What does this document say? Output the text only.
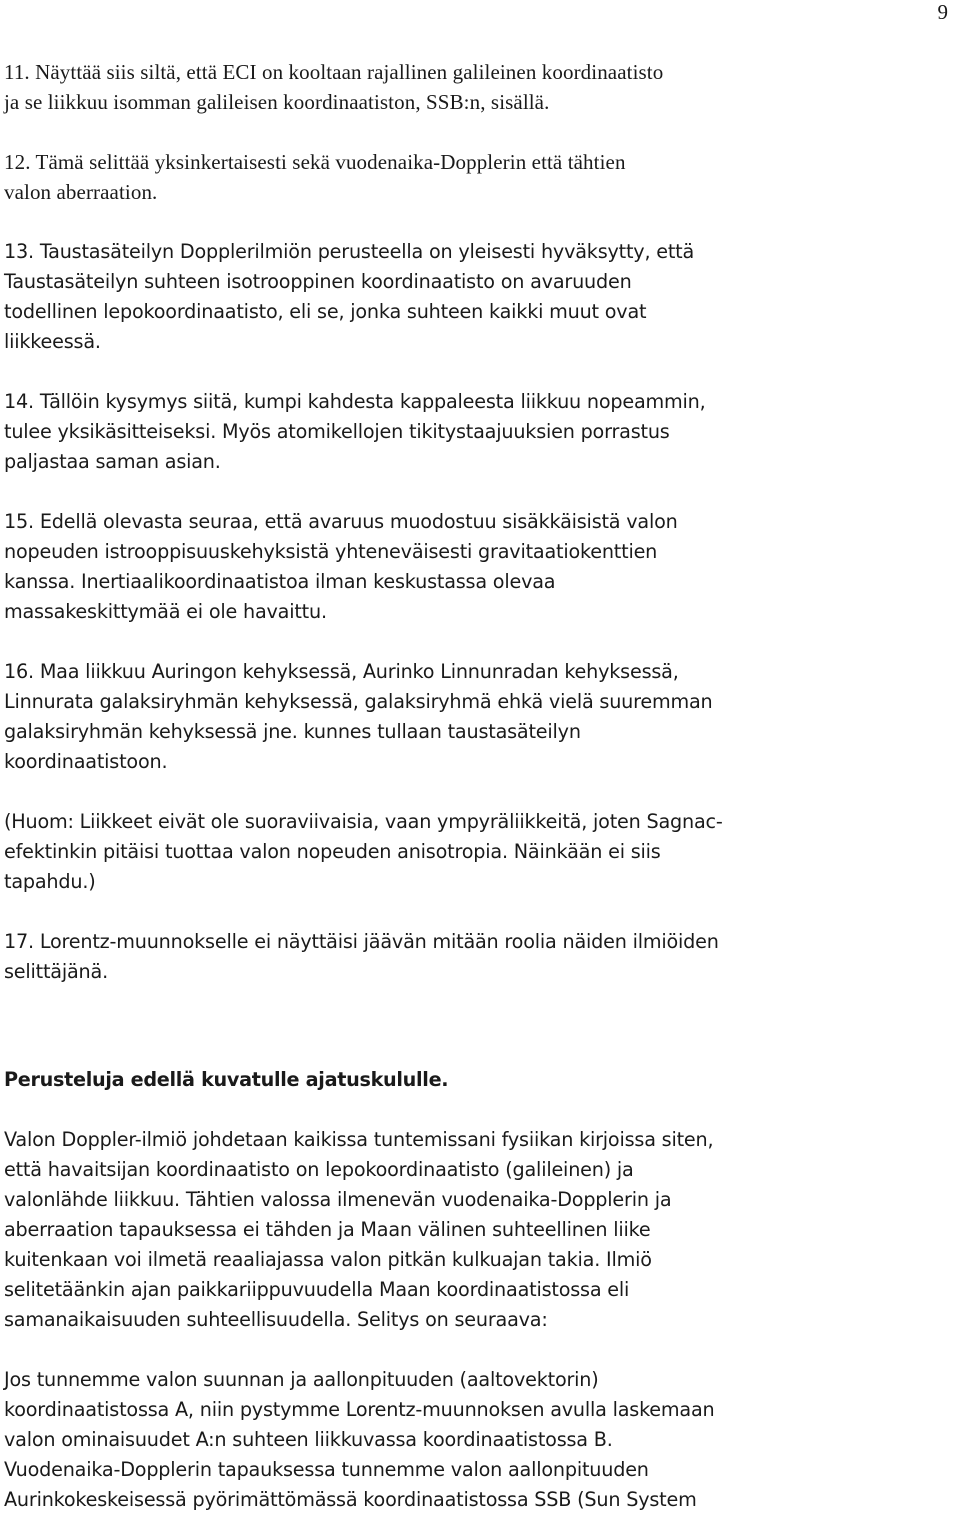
9

11. Näyttää siis siltä, että ECI on kooltaan rajallinen galileinen koordinaatisto
ja se liikkuu isomman galileisen koordinaatiston, SSB:n, sisällä.

12. Tämä selittää yksinkertaisesti sekä vuodenaika-Dopplerin että tähtien
valon aberraation.

13. Taustasäteilyn Dopplerilmiön perusteella on yleisesti hyväksytty, että
Taustasäteilyn suhteen isotrooppinen koordinaatisto on avaruuden
todellinen lepokoordinaatisto, eli se, jonka suhteen kaikki muut ovat
liikkeessä.

14. Tällöin kysymys siitä, kumpi kahdesta kappaleesta liikkuu nopeammin,
tulee yksikäsitteiseksi. Myös atomikellojen tikitystaajuuksien porrastus
paljastaa saman asian.

15. Edellä olevasta seuraa, että avaruus muodostuu sisäkkäisistä valon
nopeuden istrooppisuuskehyksistä yhteneväisesti gravitaatiokenttien
kanssa. Inertiaalikoordinaatistoa ilman keskustassa olevaa
massakeskittymää ei ole havaittu.

16. Maa liikkuu Auringon kehyksessä, Aurinko Linnunradan kehyksessä,
Linnurata galaksiryhmän kehyksessä, galaksiryhmä ehkä vielä suuremman
galaksiryhmän kehyksessä jne. kunnes tullaan taustasäteilyn
koordinaatistoon.

(Huom: Liikkeet eivät ole suoraviivaisia, vaan ympyräliikkeitä, joten Sagnac-
efektinkin pitäisi tuottaa valon nopeuden anisotropia. Näinkään ei siis
tapahdu.)

17. Lorentz-muunnokselle ei näyttäisi jäävän mitään roolia näiden ilmiöiden
selittäjänä.

Perusteluja edellä kuvatulle ajatuskululle.

Valon Doppler-ilmiö johdetaan kaikissa tuntemissani fysiikan kirjoissa siten,
että havaitsijan koordinaatisto on lepokoordinaatisto (galileinen) ja
valonlähde liikkuu. Tähtien valossa ilmenevän vuodenaika-Dopplerin ja
aberraation tapauksessa ei tähden ja Maan välinen suhteellinen liike
kuitenkaan voi ilmetä reaaliajassa valon pitkän kulkuajan takia. Ilmiö
selitetäänkin ajan paikkariippuvuudella Maan koordinaatistossa eli
samanaikaisuuden suhteellisuudella. Selitys on seuraava:

Jos tunnemme valon suunnan ja aallonpituuden (aaltovektorin)
koordinaatistossa A, niin pystymme Lorentz-muunnoksen avulla laskemaan
valon ominaisuudet A:n suhteen liikkuvassa koordinaatistossa B.
Vuodenaika-Dopplerin tapauksessa tunnemme valon aallonpituuden
Aurinkokeskeisessä pyörimättömässä koordinaatistossa SSB (Sun System
